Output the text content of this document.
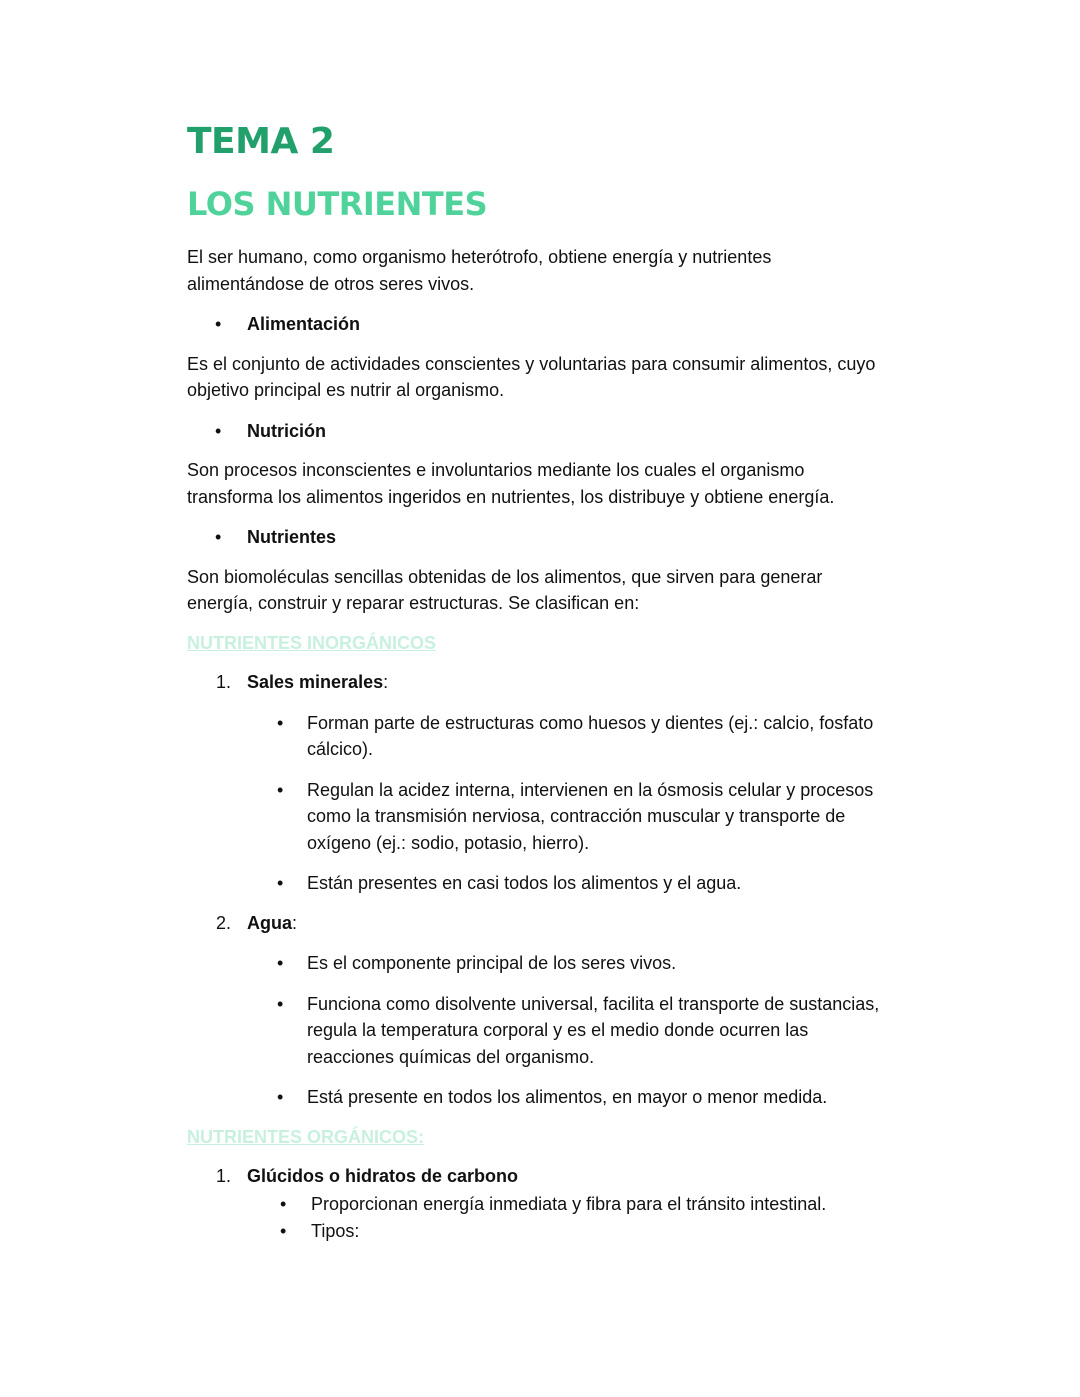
TEMA 2
LOS NUTRIENTES

El ser humano, como organismo heterótrofo, obtiene energía y nutrientes alimentándose de otros seres vivos.

• Alimentación

Es el conjunto de actividades conscientes y voluntarias para consumir alimentos, cuyo objetivo principal es nutrir al organismo.

• Nutrición

Son procesos inconscientes e involuntarios mediante los cuales el organismo transforma los alimentos ingeridos en nutrientes, los distribuye y obtiene energía.

• Nutrientes

Son biomoléculas sencillas obtenidas de los alimentos, que sirven para generar energía, construir y reparar estructuras. Se clasifican en:

NUTRIENTES INORGÁNICOS
1. Sales minerales:
• Forman parte de estructuras como huesos y dientes (ej.: calcio, fosfato cálcico).
• Regulan la acidez interna, intervienen en la ósmosis celular y procesos como la transmisión nerviosa, contracción muscular y transporte de oxígeno (ej.: sodio, potasio, hierro).
• Están presentes en casi todos los alimentos y el agua.
2. Agua:
• Es el componente principal de los seres vivos.
• Funciona como disolvente universal, facilita el transporte de sustancias, regula la temperatura corporal y es el medio donde ocurren las reacciones químicas del organismo.
• Está presente en todos los alimentos, en mayor o menor medida.
NUTRIENTES ORGÁNICOS:
1. Glúcidos o hidratos de carbono
• Proporcionan energía inmediata y fibra para el tránsito intestinal.
• Tipos:
